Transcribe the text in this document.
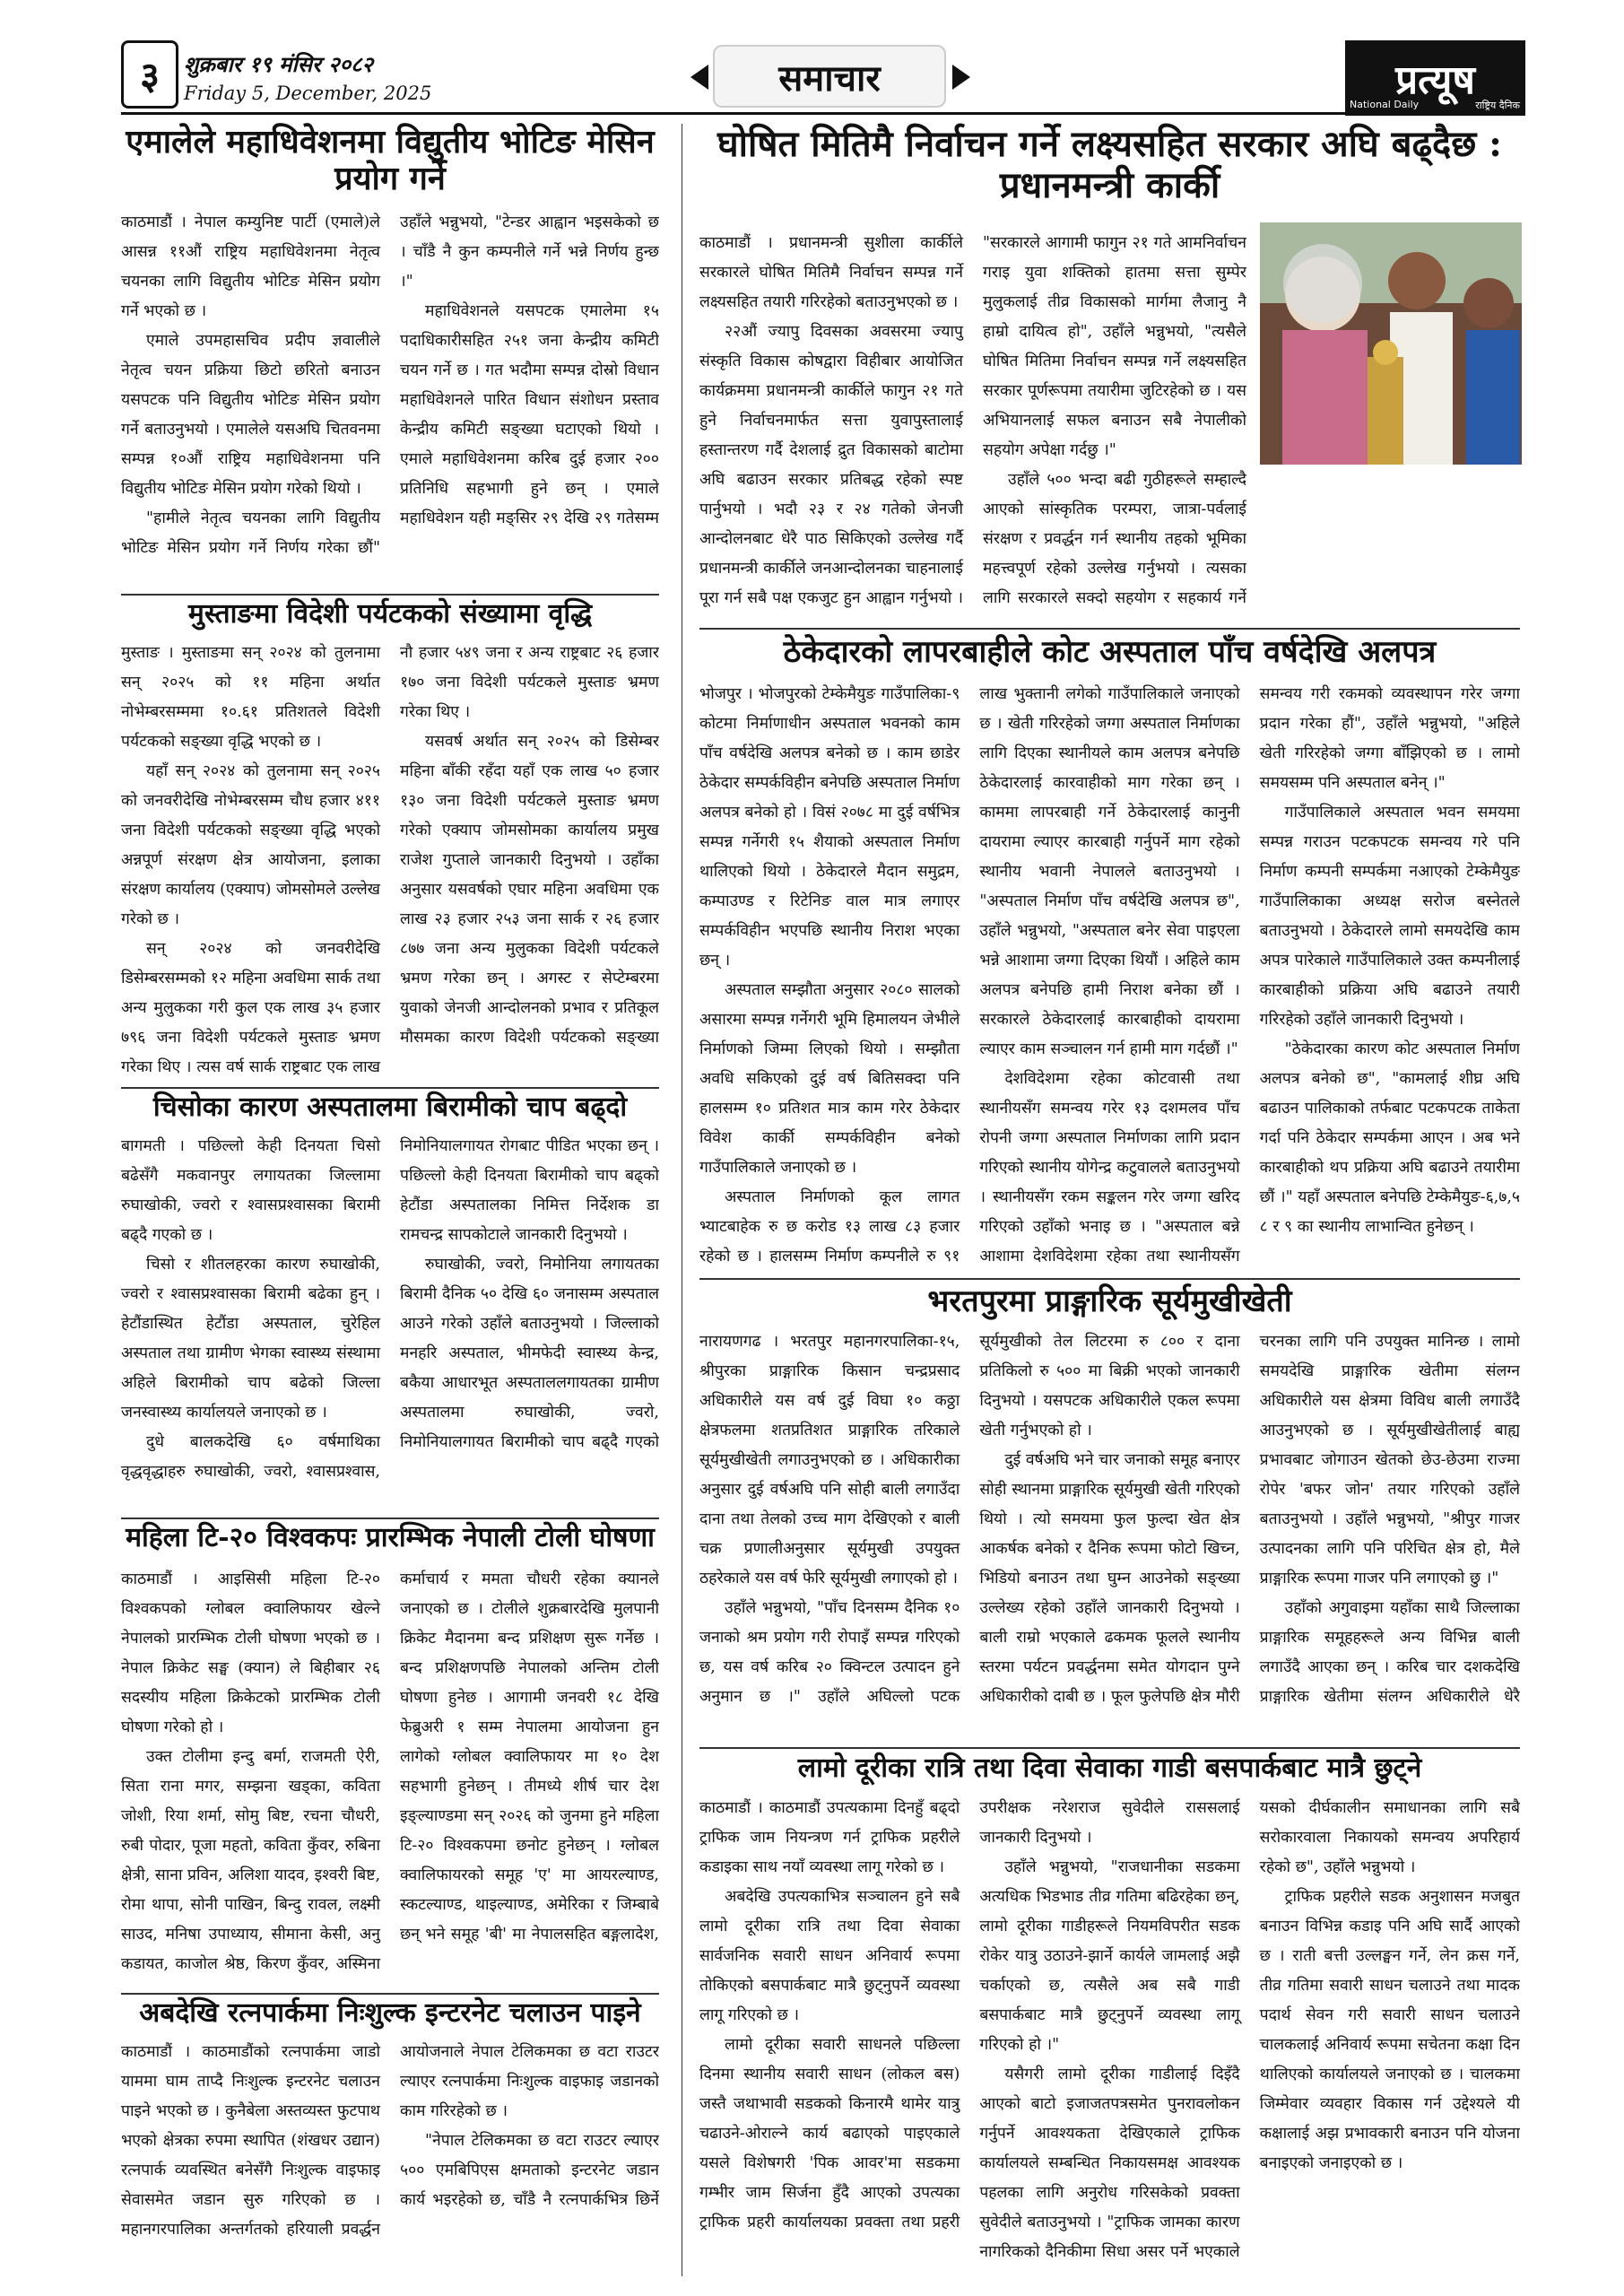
३	शुक्रबार १९ मंसिर २०८२
Friday 5, December, 2025	समाचार	प्रत्यूष
National Daily	राष्ट्रिय दैनिक
एमालेले महाधिवेशनमा विद्युतीय भोटिङ मेसिन प्रयोग गर्ने

काठमाडौं । नेपाल कम्युनिष्ट पार्टी (एमाले)ले आसन्न ११औं राष्ट्रिय महाधिवेशनमा नेतृत्व चयनका लागि विद्युतीय भोटिङ मेसिन प्रयोग गर्ने भएको छ ।

एमाले उपमहासचिव प्रदीप ज्ञवालीले नेतृत्व चयन प्रक्रिया छिटो छरितो बनाउन यसपटक पनि विद्युतीय भोटिङ मेसिन प्रयोग गर्ने बताउनुभयो । एमालेले यसअघि चितवनमा सम्पन्न १०औं राष्ट्रिय महाधिवेशनमा पनि विद्युतीय भोटिङ मेसिन प्रयोग गरेको थियो ।

"हामीले नेतृत्व चयनका लागि विद्युतीय भोटिङ मेसिन प्रयोग गर्ने निर्णय गरेका छौं" उहाँले भन्नुभयो, "टेन्डर आह्वान भइसकेको छ । चाँडै नै कुन कम्पनीले गर्ने भन्ने निर्णय हुन्छ ।"

महाधिवेशनले यसपटक एमालेमा १५ पदाधिकारीसहित २५१ जना केन्द्रीय कमिटी चयन गर्ने छ । गत भदौमा सम्पन्न दोस्रो विधान महाधिवेशनले पारित विधान संशोधन प्रस्ताव केन्द्रीय कमिटी सङ्ख्या घटाएको थियो । एमाले महाधिवेशनमा करिब दुई हजार २०० प्रतिनिधि सहभागी हुने छन् । एमाले महाधिवेशन यही मङ्सिर २९ देखि २९ गतेसम्म

मुस्ताङमा विदेशी पर्यटकको संख्यामा वृद्धि

मुस्ताङ । मुस्ताङमा सन् २०२४ को तुलनामा सन् २०२५ को ११ महिना अर्थात नोभेम्बरसम्ममा १०.६१ प्रतिशतले विदेशी पर्यटकको सङ्ख्या वृद्धि भएको छ ।

यहाँ सन् २०२४ को तुलनामा सन् २०२५ को जनवरीदेखि नोभेम्बरसम्म चौध हजार ४११ जना विदेशी पर्यटकको सङ्ख्या वृद्धि भएको अन्नपूर्ण संरक्षण क्षेत्र आयोजना, इलाका संरक्षण कार्यालय (एक्याप) जोमसोमले उल्लेख गरेको छ ।

सन् २०२४ को जनवरीदेखि डिसेम्बरसम्मको १२ महिना अवधिमा सार्क तथा अन्य मुलुकका गरी कुल एक लाख ३५ हजार ७९६ जना विदेशी पर्यटकले मुस्ताङ भ्रमण गरेका थिए । त्यस वर्ष सार्क राष्ट्रबाट एक लाख नौ हजार ५४९ जना र अन्य राष्ट्रबाट २६ हजार १७० जना विदेशी पर्यटकले मुस्ताङ भ्रमण गरेका थिए ।

यसवर्ष अर्थात सन् २०२५ को डिसेम्बर महिना बाँकी रहँदा यहाँ एक लाख ५० हजार १३० जना विदेशी पर्यटकले मुस्ताङ भ्रमण गरेको एक्याप जोमसोमका कार्यालय प्रमुख राजेश गुप्ताले जानकारी दिनुभयो । उहाँका अनुसार यसवर्षको एघार महिना अवधिमा एक लाख २३ हजार २५३ जना सार्क र २६ हजार ८७७ जना अन्य मुलुकका विदेशी पर्यटकले भ्रमण गरेका छन् । अगस्ट र सेप्टेम्बरमा युवाको जेनजी आन्दोलनको प्रभाव र प्रतिकूल मौसमका कारण विदेशी पर्यटकको सङ्ख्या

चिसोका कारण अस्पतालमा बिरामीको चाप बढ्दो

बागमती । पछिल्लो केही दिनयता चिसो बढेसँगै मकवानपुर लगायतका जिल्लामा रुघाखोकी, ज्वरो र श्वासप्रश्वासका बिरामी बढ्दै गएको छ ।

चिसो र शीतलहरका कारण रुघाखोकी, ज्वरो र श्वासप्रश्वासका बिरामी बढेका हुन् । हेटौंडास्थित हेटौंडा अस्पताल, चुरेहिल अस्पताल तथा ग्रामीण भेगका स्वास्थ्य संस्थामा अहिले बिरामीको चाप बढेको जिल्ला जनस्वास्थ्य कार्यालयले जनाएको छ ।

दुधे बालकदेखि ६० वर्षमाथिका वृद्धवृद्धाहरु रुघाखोकी, ज्वरो, श्वासप्रश्वास, निमोनियालगायत रोगबाट पीडित भएका छन् । पछिल्लो केही दिनयता बिरामीको चाप बढ्को हेटौंडा अस्पतालका निमित्त निर्देशक डा रामचन्द्र सापकोटाले जानकारी दिनुभयो ।

रुघाखोकी, ज्वरो, निमोनिया लगायतका बिरामी दैनिक ५० देखि ६० जनासम्म अस्पताल आउने गरेको उहाँले बताउनुभयो । जिल्लाको मनहरि अस्पताल, भीमफेदी स्वास्थ्य केन्द्र, बकैया आधारभूत अस्पताललगायतका ग्रामीण अस्पतालमा रुघाखोकी, ज्वरो, निमोनियालगायत बिरामीको चाप बढ्दै गएको

महिला टि-२० विश्वकपः प्रारम्भिक नेपाली टोली घोषणा

काठमाडौं । आइसिसी महिला टि-२० विश्वकपको ग्लोबल क्वालिफायर खेल्ने नेपालको प्रारम्भिक टोली घोषणा भएको छ । नेपाल क्रिकेट सङ्घ (क्यान) ले बिहीबार २६ सदस्यीय महिला क्रिकेटको प्रारम्भिक टोली घोषणा गरेको हो ।

उक्त टोलीमा इन्दु बर्मा, राजमती ऐरी, सिता राना मगर, सम्झना खड्का, कविता जोशी, रिया शर्मा, सोमु बिष्ट, रचना चौधरी, रुबी पोदार, पूजा महतो, कविता कुँवर, रुबिना क्षेत्री, साना प्रविन, अलिशा यादव, इश्वरी बिष्ट, रोमा थापा, सोनी पाखिन, बिन्दु रावल, लक्ष्मी साउद, मनिषा उपाध्याय, सीमाना केसी, अनु कडायत, काजोल श्रेष्ठ, किरण कुँवर, अस्मिना कर्माचार्य र ममता चौधरी रहेका क्यानले जनाएको छ । टोलीले शुक्रबारदेखि मुलपानी क्रिकेट मैदानमा बन्द प्रशिक्षण सुरू गर्नेछ । बन्द प्रशिक्षणपछि नेपालको अन्तिम टोली घोषणा हुनेछ । आगामी जनवरी १८ देखि फेब्रुअरी १ सम्म नेपालमा आयोजना हुन लागेको ग्लोबल क्वालिफायर मा १० देश सहभागी हुनेछन् । तीमध्ये शीर्ष चार देश इङ्ल्याण्डमा सन् २०२६ को जुनमा हुने महिला टि-२० विश्वकपमा छनोट हुनेछन् । ग्लोबल क्वालिफायरको समूह 'ए' मा आयरल्याण्ड, स्कटल्याण्ड, थाइल्याण्ड, अमेरिका र जिम्बाबे छन् भने समूह 'बी' मा नेपालसहित बङ्गलादेश,

अबदेखि रत्नपार्कमा निःशुल्क इन्टरनेट चलाउन पाइने

काठमाडौं । काठमाडौंको रत्नपार्कमा जाडो याममा घाम ताप्दै निःशुल्क इन्टरनेट चलाउन पाइने भएको छ । कुनैबेला अस्तव्यस्त फुटपाथ भएको क्षेत्रका रुपमा स्थापित (शंखधर उद्यान) रत्नपार्क व्यवस्थित बनेसँगै निःशुल्क वाइफाइ सेवासमेत जडान सुरु गरिएको छ । महानगरपालिका अन्तर्गतको हरियाली प्रवर्द्धन आयोजनाले नेपाल टेलिकमका छ वटा राउटर ल्याएर रत्नपार्कमा निःशुल्क वाइफाइ जडानको काम गरिरहेको छ ।

"नेपाल टेलिकमका छ वटा राउटर ल्याएर ५०० एमबिपिएस क्षमताको इन्टरनेट जडान कार्य भइरहेको छ, चाँडै नै रत्नपार्कभित्र छिर्ने

घोषित मितिमै निर्वाचन गर्ने लक्ष्यसहित सरकार अघि बढ्दैछ : प्रधानमन्त्री कार्की

काठमाडौं । प्रधानमन्त्री सुशीला कार्कीले सरकारले घोषित मितिमै निर्वाचन सम्पन्न गर्ने लक्ष्यसहित तयारी गरिरहेको बताउनुभएको छ ।

२२औं ज्यापु दिवसका अवसरमा ज्यापु संस्कृति विकास कोषद्वारा विहीबार आयोजित कार्यक्रममा प्रधानमन्त्री कार्कीले फागुन २१ गते हुने निर्वाचनमार्फत सत्ता युवापुस्तालाई हस्तान्तरण गर्दै देशलाई द्रुत विकासको बाटोमा अघि बढाउन सरकार प्रतिबद्ध रहेको स्पष्ट पार्नुभयो । भदौ २३ र २४ गतेको जेनजी आन्दोलनबाट धेरै पाठ सिकिएको उल्लेख गर्दै प्रधानमन्त्री कार्कीले जनआन्दोलनका चाहनालाई पूरा गर्न सबै पक्ष एकजुट हुन आह्वान गर्नुभयो । "सरकारले आगामी फागुन २१ गते आमनिर्वाचन गराइ युवा शक्तिको हातमा सत्ता सुम्पेर मुलुकलाई तीव्र विकासको मार्गमा लैजानु नै हाम्रो दायित्व हो", उहाँले भन्नुभयो, "त्यसैले घोषित मितिमा निर्वाचन सम्पन्न गर्ने लक्ष्यसहित सरकार पूर्णरूपमा तयारीमा जुटिरहेको छ । यस अभियानलाई सफल बनाउन सबै नेपालीको सहयोग अपेक्षा गर्दछु ।"

उहाँले ५०० भन्दा बढी गुठीहरूले सम्हाल्दै आएको सांस्कृतिक परम्परा, जात्रा-पर्वलाई संरक्षण र प्रवर्द्धन गर्न स्थानीय तहको भूमिका महत्त्वपूर्ण रहेको उल्लेख गर्नुभयो । त्यसका लागि सरकारले सक्दो सहयोग र सहकार्य गर्ने

ठेकेदारको लापरबाहीले कोट अस्पताल पाँच वर्षदेखि अलपत्र

भोजपुर । भोजपुरको टेम्केमैयुङ गाउँपालिका-९ कोटमा निर्माणाधीन अस्पताल भवनको काम पाँच वर्षदेखि अलपत्र बनेको छ । काम छाडेर ठेकेदार सम्पर्कविहीन बनेपछि अस्पताल निर्माण अलपत्र बनेको हो । विसं २०७८ मा दुई वर्षभित्र सम्पन्न गर्नेगरी १५ शैयाको अस्पताल निर्माण थालिएको थियो । ठेकेदारले मैदान समुद्रम, कम्पाउण्ड र रिटेनिङ वाल मात्र लगाएर सम्पर्कविहीन भएपछि स्थानीय निराश भएका छन् ।

अस्पताल सम्झौता अनुसार २०८० सालको असारमा सम्पन्न गर्नेगरी भूमि हिमालयन जेभीले निर्माणको जिम्मा लिएको थियो । सम्झौता अवधि सकिएको दुई वर्ष बितिसक्दा पनि हालसम्म १० प्रतिशत मात्र काम गरेर ठेकेदार विवेश कार्की सम्पर्कविहीन बनेको गाउँपालिकाले जनाएको छ ।

अस्पताल निर्माणको कूल लागत भ्याटबाहेक रु छ करोड १३ लाख ८३ हजार रहेको छ । हालसम्म निर्माण कम्पनीले रु ९१ लाख भुक्तानी लगेको गाउँपालिकाले जनाएको छ । खेती गरिरहेको जग्गा अस्पताल निर्माणका लागि दिएका स्थानीयले काम अलपत्र बनेपछि ठेकेदारलाई कारवाहीको माग गरेका छन् । काममा लापरबाही गर्ने ठेकेदारलाई कानुनी दायरामा ल्याएर कारबाही गर्नुपर्ने माग रहेको स्थानीय भवानी नेपालले बताउनुभयो । "अस्पताल निर्माण पाँच वर्षदेखि अलपत्र छ", उहाँले भन्नुभयो, "अस्पताल बनेर सेवा पाइएला भन्ने आशामा जग्गा दिएका थियौं । अहिले काम अलपत्र बनेपछि हामी निराश बनेका छौं । सरकारले ठेकेदारलाई कारबाहीको दायरामा ल्याएर काम सञ्चालन गर्न हामी माग गर्दछौं ।"

देशविदेशमा रहेका कोटवासी तथा स्थानीयसँग समन्वय गरेर १३ दशमलव पाँच रोपनी जग्गा अस्पताल निर्माणका लागि प्रदान गरिएको स्थानीय योगेन्द्र कटुवालले बताउनुभयो । स्थानीयसँग रकम सङ्कलन गरेर जग्गा खरिद गरिएको उहाँको भनाइ छ । "अस्पताल बन्ने आशामा देशविदेशमा रहेका तथा स्थानीयसँग समन्वय गरी रकमको व्यवस्थापन गरेर जग्गा प्रदान गरेका हौं", उहाँले भन्नुभयो, "अहिले खेती गरिरहेको जग्गा बाँझिएको छ । लामो समयसम्म पनि अस्पताल बनेन् ।"

गाउँपालिकाले अस्पताल भवन समयमा सम्पन्न गराउन पटकपटक समन्वय गरे पनि निर्माण कम्पनी सम्पर्कमा नआएको टेम्केमैयुङ गाउँपालिकाका अध्यक्ष सरोज बस्नेतले बताउनुभयो । ठेकेदारले लामो समयदेखि काम अपत्र पारेकाले गाउँपालिकाले उक्त कम्पनीलाई कारबाहीको प्रक्रिया अघि बढाउने तयारी गरिरहेको उहाँले जानकारी दिनुभयो ।

"ठेकेदारका कारण कोट अस्पताल निर्माण अलपत्र बनेको छ", "कामलाई शीघ्र अघि बढाउन पालिकाको तर्फबाट पटकपटक ताकेता गर्दा पनि ठेकेदार सम्पर्कमा आएन । अब भने कारबाहीको थप प्रक्रिया अघि बढाउने तयारीमा छौं ।" यहाँ अस्पताल बनेपछि टेम्केमैयुङ-६,७,५ ८ र ९ का स्थानीय लाभान्वित हुनेछन् ।

भरतपुरमा प्राङ्गारिक सूर्यमुखीखेती

नारायणगढ । भरतपुर महानगरपालिका-१५, श्रीपुरका प्राङ्गारिक किसान चन्द्रप्रसाद अधिकारीले यस वर्ष दुई विघा १० कठ्ठा क्षेत्रफलमा शतप्रतिशत प्राङ्गारिक तरिकाले सूर्यमुखीखेती लगाउनुभएको छ । अधिकारीका अनुसार दुई वर्षअघि पनि सोही बाली लगाउँदा दाना तथा तेलको उच्च माग देखिएको र बाली चक्र प्रणालीअनुसार सूर्यमुखी उपयुक्त ठहरेकाले यस वर्ष फेरि सूर्यमुखी लगाएको हो ।

उहाँले भन्नुभयो, "पाँच दिनसम्म दैनिक १० जनाको श्रम प्रयोग गरी रोपाइँ सम्पन्न गरिएको छ, यस वर्ष करिब २० क्विन्टल उत्पादन हुने अनुमान छ ।" उहाँले अघिल्लो पटक सूर्यमुखीको तेल लिटरमा रु ८०० र दाना प्रतिकिलो रु ५०० मा बिक्री भएको जानकारी दिनुभयो । यसपटक अधिकारीले एकल रूपमा खेती गर्नुभएको हो ।

दुई वर्षअघि भने चार जनाको समूह बनाएर सोही स्थानमा प्राङ्गारिक सूर्यमुखी खेती गरिएको थियो । त्यो समयमा फुल फुल्दा खेत क्षेत्र आकर्षक बनेको र दैनिक रूपमा फोटो खिच्न, भिडियो बनाउन तथा घुम्न आउनेको सङ्ख्या उल्लेख्य रहेको उहाँले जानकारी दिनुभयो । बाली राम्रो भएकाले ढकमक फूलले स्थानीय स्तरमा पर्यटन प्रवर्द्धनमा समेत योगदान पुग्ने अधिकारीको दाबी छ । फूल फुलेपछि क्षेत्र मौरी चरनका लागि पनि उपयुक्त मानिन्छ । लामो समयदेखि प्राङ्गारिक खेतीमा संलग्न अधिकारीले यस क्षेत्रमा विविध बाली लगाउँदै आउनुभएको छ । सूर्यमुखीखेतीलाई बाह्य प्रभावबाट जोगाउन खेतको छेउ-छेउमा राज्मा रोपेर 'बफर जोन' तयार गरिएको उहाँले बताउनुभयो । उहाँले भन्नुभयो, "श्रीपुर गाजर उत्पादनका लागि पनि परिचित क्षेत्र हो, मैले प्राङ्गारिक रूपमा गाजर पनि लगाएको छु ।"

उहाँको अगुवाइमा यहाँका साथै जिल्लाका प्राङ्गारिक समूहहरूले अन्य विभिन्न बाली लगाउँदै आएका छन् । करिब चार दशकदेखि प्राङ्गारिक खेतीमा संलग्न अधिकारीले धेरै

लामो दूरीका रात्रि तथा दिवा सेवाका गाडी बसपार्कबाट मात्रै छुट्ने

काठमाडौं । काठमाडौं उपत्यकामा दिनहुँ बढ्दो ट्राफिक जाम नियन्त्रण गर्न ट्राफिक प्रहरीले कडाइका साथ नयाँ व्यवस्था लागू गरेको छ ।

अबदेखि उपत्यकाभित्र सञ्चालन हुने सबै लामो दूरीका रात्रि तथा दिवा सेवाका सार्वजनिक सवारी साधन अनिवार्य रूपमा तोकिएको बसपार्कबाट मात्रै छुट्नुपर्ने व्यवस्था लागू गरिएको छ ।

लामो दूरीका सवारी साधनले पछिल्ला दिनमा स्थानीय सवारी साधन (लोकल बस) जस्तै जथाभावी सडकको किनारमै थामेर यात्रु चढाउने-ओराल्ने कार्य बढाएको पाइएकाले यसले विशेषगरी 'पिक आवर'मा सडकमा गम्भीर जाम सिर्जना हुँदै आएको उपत्यका ट्राफिक प्रहरी कार्यालयका प्रवक्ता तथा प्रहरी उपरीक्षक नरेशराज सुवेदीले राससलाई जानकारी दिनुभयो ।

उहाँले भन्नुभयो, "राजधानीका सडकमा अत्यधिक भिडभाड तीव्र गतिमा बढिरहेका छन्, लामो दूरीका गाडीहरूले नियमविपरीत सडक रोकेर यात्रु उठाउने-झार्ने कार्यले जामलाई अझै चर्काएको छ, त्यसैले अब सबै गाडी बसपार्कबाट मात्रै छुट्नुपर्ने व्यवस्था लागू गरिएको हो ।"

यसैगरी लामो दूरीका गाडीलाई दिइँदै आएको बाटो इजाजतपत्रसमेत पुनरावलोकन गर्नुपर्ने आवश्यकता देखिएकाले ट्राफिक कार्यालयले सम्बन्धित निकायसमक्ष आवश्यक पहलका लागि अनुरोध गरिसकेको प्रवक्ता सुवेदीले बताउनुभयो । "ट्राफिक जामका कारण नागरिकको दैनिकीमा सिधा असर पर्ने भएकाले यसको दीर्घकालीन समाधानका लागि सबै सरोकारवाला निकायको समन्वय अपरिहार्य रहेको छ", उहाँले भन्नुभयो ।

ट्राफिक प्रहरीले सडक अनुशासन मजबुत बनाउन विभिन्न कडाइ पनि अघि सार्दै आएको छ । राती बत्ती उल्लङ्घन गर्ने, लेन क्रस गर्ने, तीव्र गतिमा सवारी साधन चलाउने तथा मादक पदार्थ सेवन गरी सवारी साधन चलाउने चालकलाई अनिवार्य रूपमा सचेतना कक्षा दिन थालिएको कार्यालयले जनाएको छ । चालकमा जिम्मेवार व्यवहार विकास गर्न उद्देश्यले यी कक्षालाई अझ प्रभावकारी बनाउन पनि योजना बनाइएको जनाइएको छ ।
